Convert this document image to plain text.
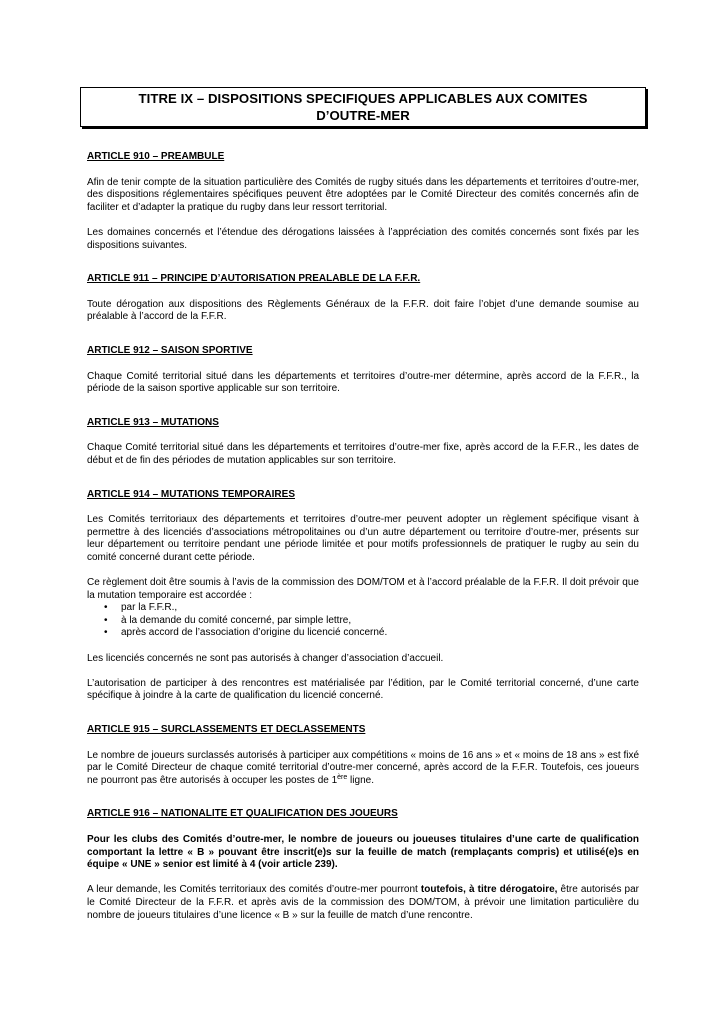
TITRE IX – DISPOSITIONS SPECIFIQUES APPLICABLES AUX COMITES
D’OUTRE-MER
ARTICLE 910 – PREAMBULE

Afin de tenir compte de la situation particulière des Comités de rugby situés dans les départements et territoires d’outre-mer, des dispositions réglementaires spécifiques peuvent être adoptées par le Comité Directeur des comités concernés afin de faciliter et d’adapter la pratique du rugby dans leur ressort territorial.

Les domaines concernés et l’étendue des dérogations laissées à l’appréciation des comités concernés sont fixés par les dispositions suivantes.

ARTICLE 911 – PRINCIPE D’AUTORISATION PREALABLE DE LA F.F.R.

Toute dérogation aux dispositions des Règlements Généraux de la F.F.R. doit faire l’objet d’une demande soumise au préalable à l’accord de la F.F.R.

ARTICLE 912 – SAISON SPORTIVE

Chaque Comité territorial situé dans les départements et territoires d’outre-mer détermine, après accord de la F.F.R., la période de la saison sportive applicable sur son territoire.

ARTICLE 913 – MUTATIONS

Chaque Comité territorial situé dans les départements et territoires d’outre-mer fixe, après accord de la F.F.R., les dates de début et de fin des périodes de mutation applicables sur son territoire.

ARTICLE 914 – MUTATIONS TEMPORAIRES

Les Comités territoriaux des départements et territoires d’outre-mer peuvent adopter un règlement spécifique visant à permettre à des licenciés d’associations métropolitaines ou d’un autre département ou territoire d’outre-mer, présents sur leur département ou territoire pendant une période limitée et pour motifs professionnels de pratiquer le rugby au sein du comité concerné durant cette période.

Ce règlement doit être soumis à l’avis de la commission des DOM/TOM et à l’accord préalable de la F.F.R. Il doit prévoir que la mutation temporaire est accordée :

• par la F.F.R.,
• à la demande du comité concerné, par simple lettre,
• après accord de l’association d’origine du licencié concerné.

Les licenciés concernés ne sont pas autorisés à changer d’association d’accueil.

L’autorisation de participer à des rencontres est matérialisée par l’édition, par le Comité territorial concerné, d’une carte spécifique à joindre à la carte de qualification du licencié concerné.

ARTICLE 915 – SURCLASSEMENTS ET DECLASSEMENTS

Le nombre de joueurs surclassés autorisés à participer aux compétitions « moins de 16 ans » et « moins de 18 ans » est fixé par le Comité Directeur de chaque comité territorial d’outre-mer concerné, après accord de la F.F.R. Toutefois, ces joueurs ne pourront pas être autorisés à occuper les postes de 1ère ligne.

ARTICLE 916 – NATIONALITE ET QUALIFICATION DES JOUEURS

Pour les clubs des Comités d’outre-mer, le nombre de joueurs ou joueuses titulaires d’une carte de qualification comportant la lettre « B » pouvant être inscrit(e)s sur la feuille de match (remplaçants compris) et utilisé(e)s en équipe « UNE » senior est limité à 4 (voir article 239).

A leur demande, les Comités territoriaux des comités d’outre-mer pourront toutefois, à titre dérogatoire, être autorisés par le Comité Directeur de la F.F.R. et après avis de la commission des DOM/TOM, à prévoir une limitation particulière du nombre de joueurs titulaires d’une licence « B » sur la feuille de match d’une rencontre.
